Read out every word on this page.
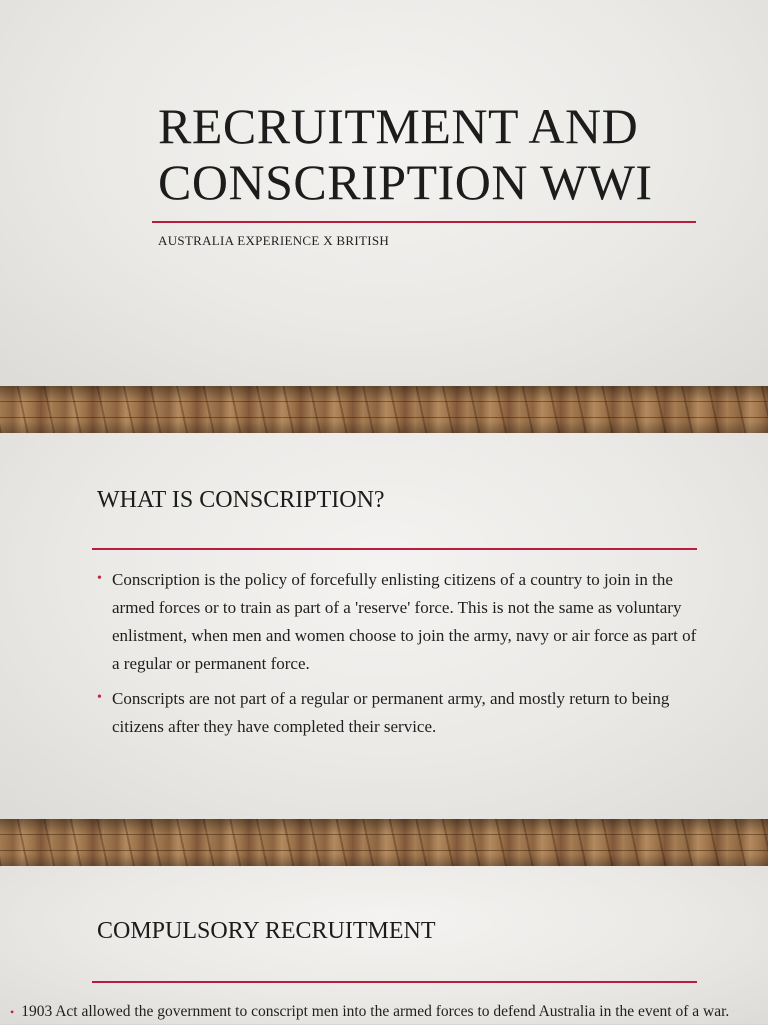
RECRUITMENT AND
CONSCRIPTION WWI
AUSTRALIA EXPERIENCE X BRITISH
WHAT IS CONSCRIPTION?
• Conscription is the policy of forcefully enlisting citizens of a country to join in the armed forces or to train as part of a 'reserve' force. This is not the same as voluntary enlistment, when men and women choose to join the army, navy or air force as part of a regular or permanent force.
• Conscripts are not part of a regular or permanent army, and mostly return to being citizens after they have completed their service.
COMPULSORY RECRUITMENT
• 1903 Act allowed the government to conscript men into the armed forces to defend Australia in the event of a war.
